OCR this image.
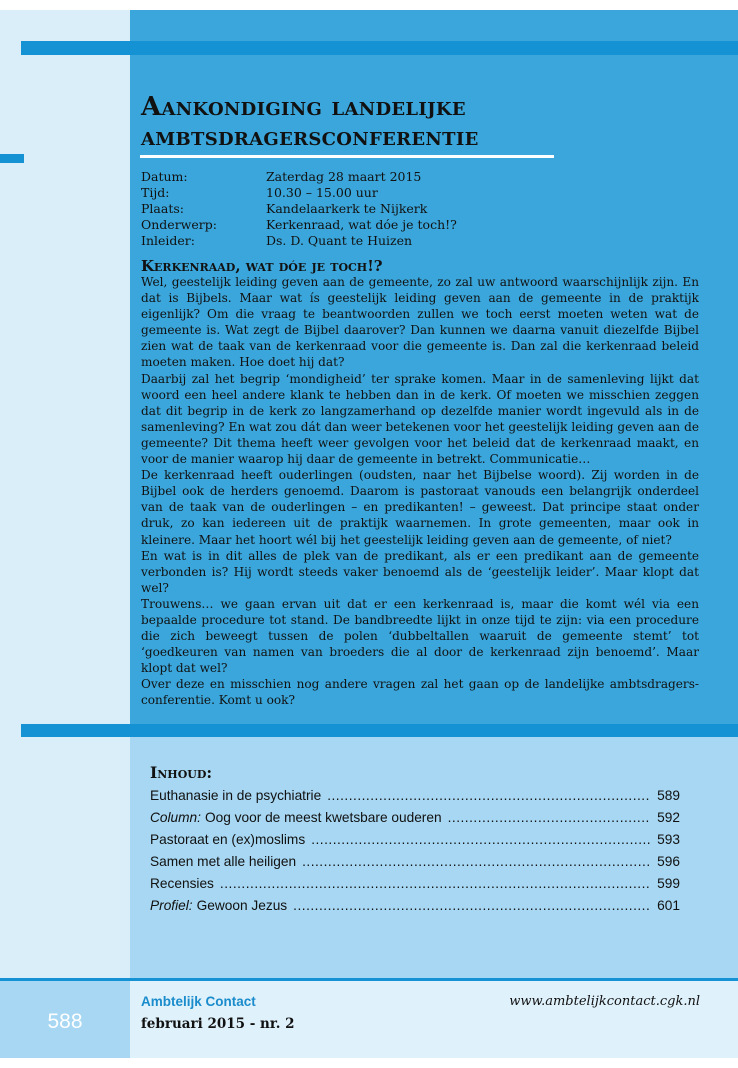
Aankondiging landelijke ambtsdragersconferentie
Datum:	Zaterdag 28 maart 2015
Tijd:	10.30 – 15.00 uur
Plaats:	Kandelaarkerk te Nijkerk
Onderwerp:	Kerkenraad, wat dóe je toch!?
Inleider:	Ds. D. Quant te Huizen
Kerkenraad, wat dóe je toch!?

Wel, geestelijk leiding geven aan de gemeente, zo zal uw antwoord waarschijnlijk zijn. En dat is Bijbels. Maar wat ís geestelijk leiding geven aan de gemeente in de praktijk eigenlijk? Om die vraag te beantwoorden zullen we toch eerst moeten weten wat de gemeente is. Wat zegt de Bijbel daarover? Dan kunnen we daarna vanuit diezelfde Bijbel zien wat de taak van de kerkenraad voor die gemeente is. Dan zal die kerkenraad beleid moeten maken. Hoe doet hij dat?

Daarbij zal het begrip ‘mondigheid’ ter sprake komen. Maar in de samenleving lijkt dat woord een heel andere klank te hebben dan in de kerk. Of moeten we misschien zeggen dat dit begrip in de kerk zo langzamerhand op dezelfde manier wordt ingevuld als in de samenleving? En wat zou dát dan weer betekenen voor het geestelijk leiding geven aan de gemeente? Dit thema heeft weer gevolgen voor het beleid dat de kerkenraad maakt, en voor de manier waarop hij daar de gemeente in betrekt. Communicatie…

De kerkenraad heeft ouderlingen (oudsten, naar het Bijbelse woord). Zij worden in de Bijbel ook de herders genoemd. Daarom is pastoraat vanouds een belangrijk onderdeel van de taak van de ouderlingen – en predikanten! – geweest. Dat principe staat onder druk, zo kan iedereen uit de praktijk waarnemen. In grote gemeenten, maar ook in kleinere. Maar het hoort wél bij het geestelijk leiding geven aan de gemeente, of niet?

En wat is in dit alles de plek van de predikant, als er een predikant aan de gemeente verbonden is? Hij wordt steeds vaker benoemd als de ‘geestelijk leider’. Maar klopt dat wel?

Trouwens… we gaan ervan uit dat er een kerkenraad is, maar die komt wél via een bepaalde procedure tot stand. De bandbreedte lijkt in onze tijd te zijn: via een procedure die zich beweegt tussen de polen ‘dubbeltallen waaruit de gemeente stemt’ tot ‘goedkeuren van namen van broeders die al door de kerkenraad zijn benoemd’. Maar klopt dat wel?

Over deze en misschien nog andere vragen zal het gaan op de landelijke ambtsdragers-conferentie. Komt u ook?

Inhoud:
Euthanasie in de psychiatrie .....	589
Column: Oog voor de meest kwetsbare ouderen .....	592
Pastoraat en (ex)moslims .....	593
Samen met alle heiligen .....	596
Recensies .....	599
Profiel: Gewoon Jezus .....	601
588
Ambtelijk Contact
februari 2015 - nr. 2
www.ambtelijkcontact.cgk.nl
